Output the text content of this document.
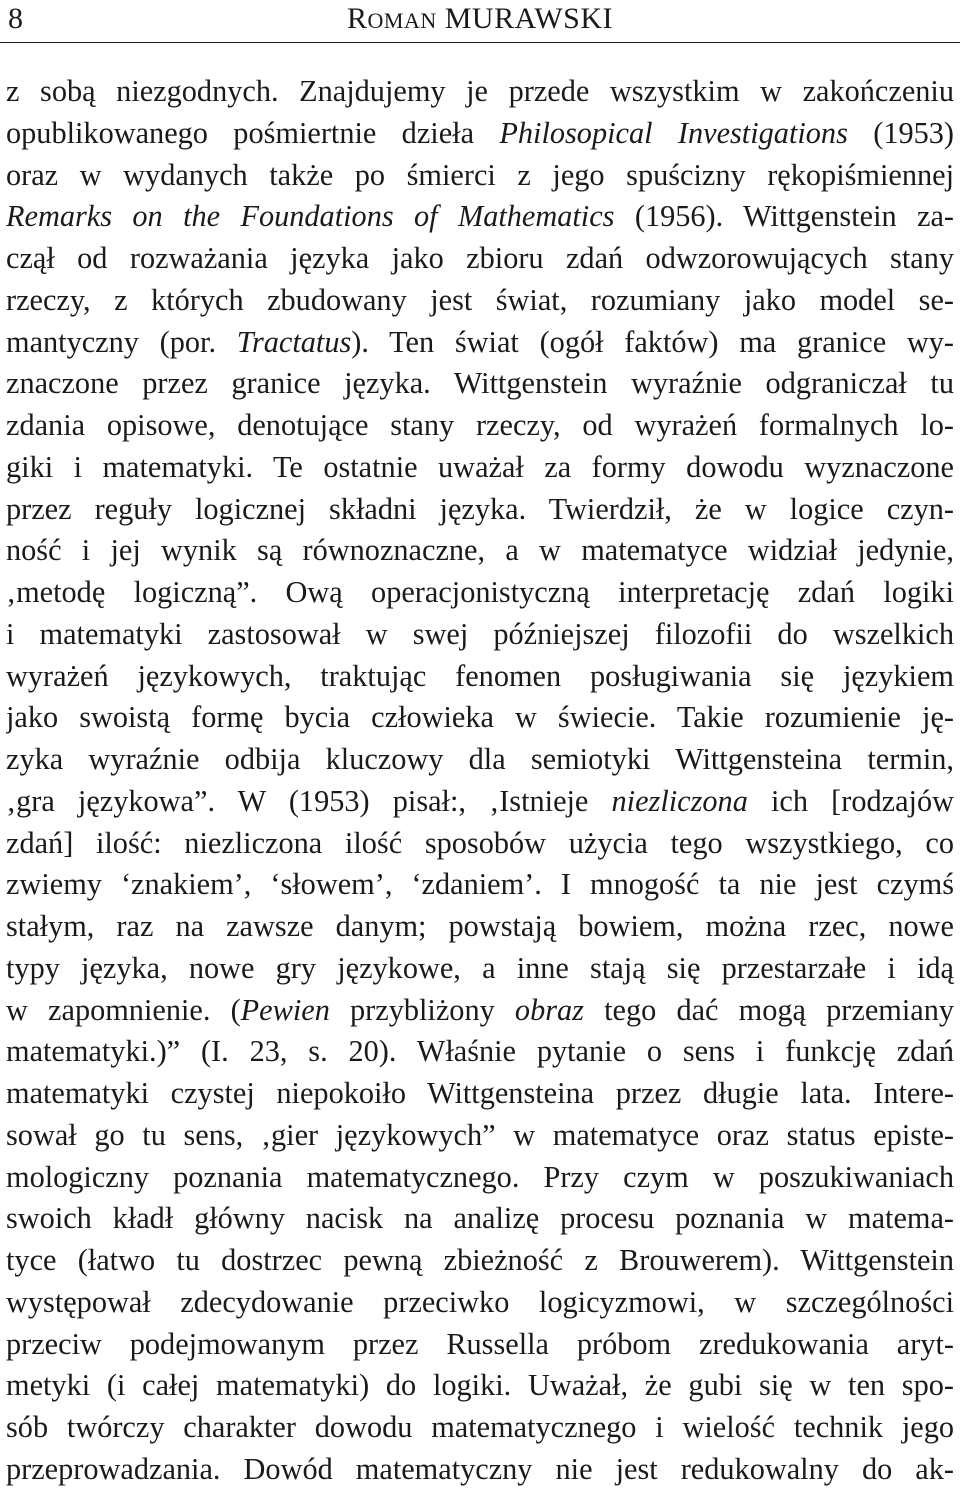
8	ROMAN MURAWSKI
z sobą niezgodnych. Znajdujemy je przede wszystkim w zakończeniu
opublikowanego pośmiertnie dzieła Philosopical Investigations (1953)
oraz w wydanych także po śmierci z jego spuścizny rękopiśmiennej
Remarks on the Foundations of Mathematics (1956). Wittgenstein za-
czął od rozważania języka jako zbioru zdań odwzorowujących stany
rzeczy, z których zbudowany jest świat, rozumiany jako model se-
mantyczny (por. Tractatus). Ten świat (ogół faktów) ma granice wy-
znaczone przez granice języka. Wittgenstein wyraźnie odgraniczał tu
zdania opisowe, denotujące stany rzeczy, od wyrażeń formalnych lo-
giki i matematyki. Te ostatnie uważał za formy dowodu wyznaczone
przez reguły logicznej składni języka. Twierdził, że w logice czyn-
ność i jej wynik są równoznaczne, a w matematyce widział jedynie,
‚metodę logiczną”. Ową operacjonistyczną interpretację zdań logiki
i matematyki zastosował w swej późniejszej filozofii do wszelkich
wyrażeń językowych, traktując fenomen posługiwania się językiem
jako swoistą formę bycia człowieka w świecie. Takie rozumienie ję-
zyka wyraźnie odbija kluczowy dla semiotyki Wittgensteina termin,
‚gra językowa”. W (1953) pisał:, ‚Istnieje niezliczona ich [rodzajów
zdań] ilość: niezliczona ilość sposobów użycia tego wszystkiego, co
zwiemy ‘znakiem’, ‘słowem’, ‘zdaniem’. I mnogość ta nie jest czymś
stałym, raz na zawsze danym; powstają bowiem, można rzec, nowe
typy języka, nowe gry językowe, a inne stają się przestarzałe i idą
w zapomnienie. (Pewien przybliżony obraz tego dać mogą przemiany
matematyki.)” (I. 23, s. 20). Właśnie pytanie o sens i funkcję zdań
matematyki czystej niepokoiło Wittgensteina przez długie lata. Intere-
sował go tu sens, ‚gier językowych” w matematyce oraz status episte-
mologiczny poznania matematycznego. Przy czym w poszukiwaniach
swoich kładł główny nacisk na analizę procesu poznania w matema-
tyce (łatwo tu dostrzec pewną zbieżność z Brouwerem). Wittgenstein
występował zdecydowanie przeciwko logicyzmowi, w szczególności
przeciw podejmowanym przez Russella próbom zredukowania aryt-
metyki (i całej matematyki) do logiki. Uważał, że gubi się w ten spo-
sób twórczy charakter dowodu matematycznego i wielość technik jego
przeprowadzania. Dowód matematyczny nie jest redukowalny do ak-
